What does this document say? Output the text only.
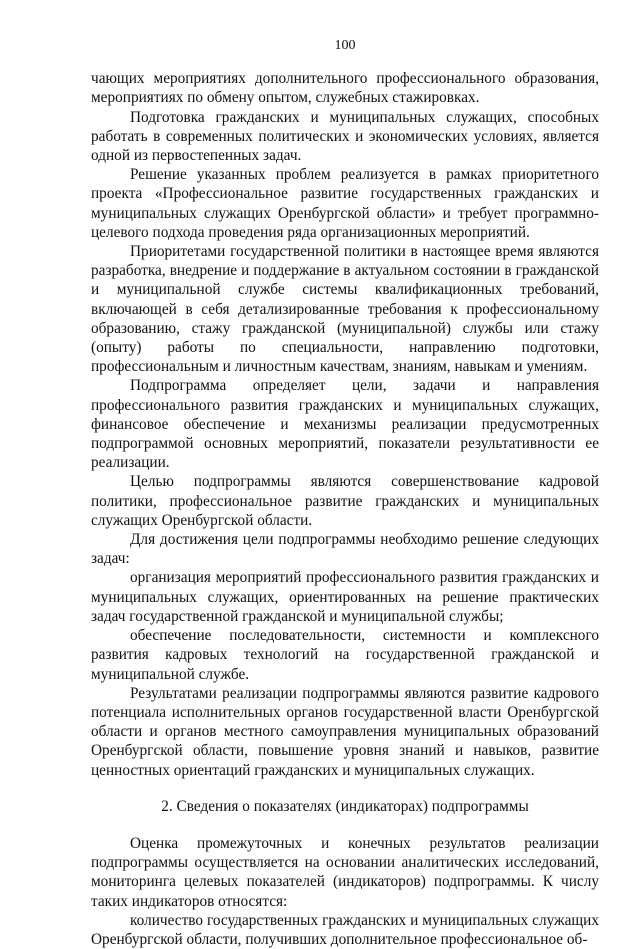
100

чающих мероприятиях дополнительного профессионального образования, мероприятиях по обмену опытом, служебных стажировках.

Подготовка гражданских и муниципальных служащих, способных работать в современных политических и экономических условиях, является одной из первостепенных задач.

Решение указанных проблем реализуется в рамках приоритетного проекта «Профессиональное развитие государственных гражданских и муниципальных служащих Оренбургской области» и требует программно-целевого подхода проведения ряда организационных мероприятий.

Приоритетами государственной политики в настоящее время являются разработка, внедрение и поддержание в актуальном состоянии в гражданской и муниципальной службе системы квалификационных требований, включающей в себя детализированные требования к профессиональному образованию, стажу гражданской (муниципальной) службы или стажу (опыту) работы по специальности, направлению подготовки, профессиональным и личностным качествам, знаниям, навыкам и умениям.

Подпрограмма определяет цели, задачи и направления профессионального развития гражданских и муниципальных служащих, финансовое обеспечение и механизмы реализации предусмотренных подпрограммой основных мероприятий, показатели результативности ее реализации.

Целью подпрограммы являются совершенствование кадровой политики, профессиональное развитие гражданских и муниципальных служащих Оренбургской области.

Для достижения цели подпрограммы необходимо решение следующих задач:

организация мероприятий профессионального развития гражданских и муниципальных служащих, ориентированных на решение практических задач государственной гражданской и муниципальной службы;

обеспечение последовательности, системности и комплексного развития кадровых технологий на государственной гражданской и муниципальной службе.

Результатами реализации подпрограммы являются развитие кадрового потенциала исполнительных органов государственной власти Оренбургской области и органов местного самоуправления муниципальных образований Оренбургской области, повышение уровня знаний и навыков, развитие ценностных ориентаций гражданских и муниципальных служащих.

2. Сведения о показателях (индикаторах) подпрограммы

Оценка промежуточных и конечных результатов реализации подпрограммы осуществляется на основании аналитических исследований, мониторинга целевых показателей (индикаторов) подпрограммы. К числу таких индикаторов относятся:

количество государственных гражданских и муниципальных служащих Оренбургской области, получивших дополнительное профессиональное об-
